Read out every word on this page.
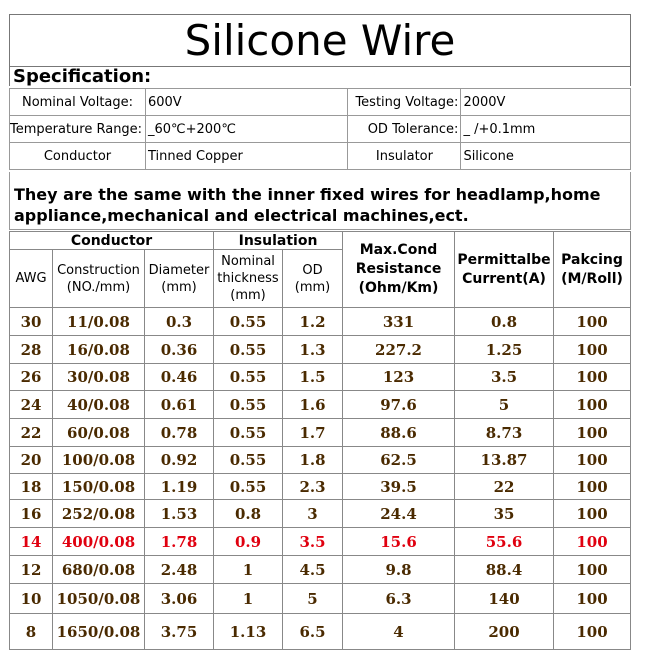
Silicone Wire
Specification:
Nominal Voltage:	600V	Testing Voltage:	2000V
Temperature Range:	_60℃+200℃	OD Tolerance:	_ /+0.1mm
Conductor	Tinned Copper	Insulator	Silicone
They are the same with the inner fixed wires for headlamp,home appliance,mechanical and electrical machines,ect.
Conductor			Insulation		Max.Cond Resistance (Ohm/Km)	Permittalbe Current(A)	Pakcing (M/Roll)
AWG	Construction (NO./mm)	Diameter (mm)	Nominal thickness (mm)	OD (mm)			
30	11/0.08	0.3	0.55	1.2	331	0.8	100
28	16/0.08	0.36	0.55	1.3	227.2	1.25	100
26	30/0.08	0.46	0.55	1.5	123	3.5	100
24	40/0.08	0.61	0.55	1.6	97.6	5	100
22	60/0.08	0.78	0.55	1.7	88.6	8.73	100
20	100/0.08	0.92	0.55	1.8	62.5	13.87	100
18	150/0.08	1.19	0.55	2.3	39.5	22	100
16	252/0.08	1.53	0.8	3	24.4	35	100
14	400/0.08	1.78	0.9	3.5	15.6	55.6	100
12	680/0.08	2.48	1	4.5	9.8	88.4	100
10	1050/0.08	3.06	1	5	6.3	140	100
8	1650/0.08	3.75	1.13	6.5	4	200	100
